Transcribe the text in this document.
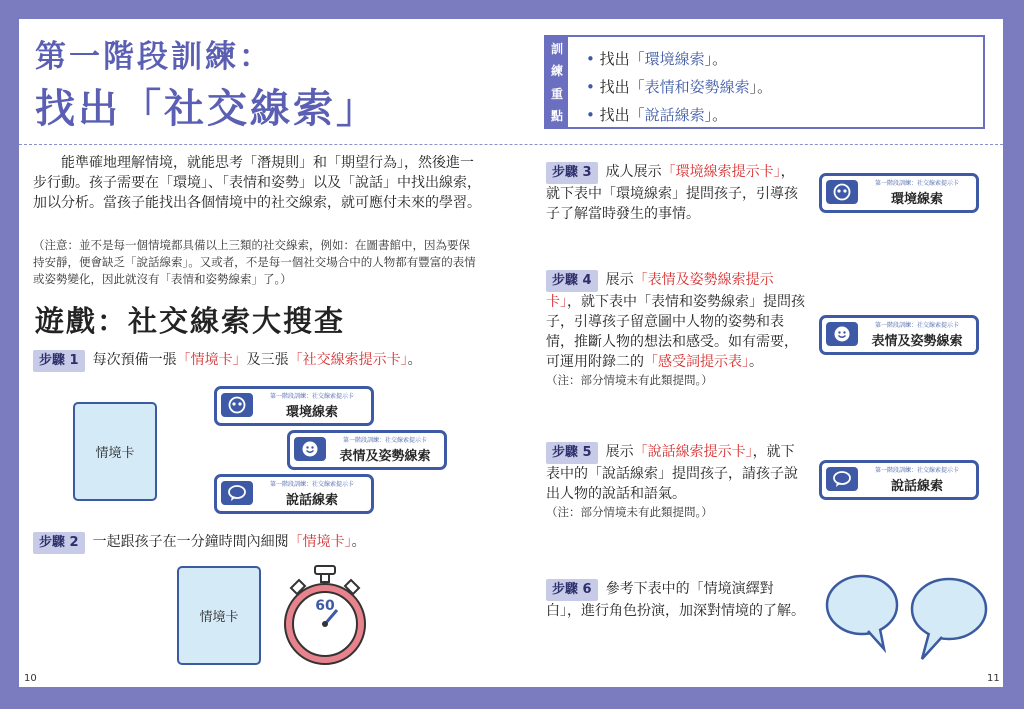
第一階段訓練：
找出「社交線索」
能準確地理解情境，就能思考「潛規則」和「期望行為」，然後進一步行動。孩子需要在「環境」、「表情和姿勢」以及「說話」中找出線索，加以分析。當孩子能找出各個情境中的社交線索，就可應付未來的學習。
（注意：並不是每一個情境都具備以上三類的社交線索，例如：在圖書館中，因為要保持安靜，便會缺乏「說話線索」。又或者，不是每一個社交場合中的人物都有豐富的表情或姿勢變化，因此就沒有「表情和姿勢線索」了。）
遊戲：社交線索大搜查
步驟 1 每次預備一張「情境卡」及三張「社交線索提示卡」。
情境卡
第一階段訓練：社交線索提示卡
環境線索
第一階段訓練：社交線索提示卡
表情及姿勢線索
第一階段訓練：社交線索提示卡
說話線索
步驟 2 一起跟孩子在一分鐘時間內細閱「情境卡」。
情境卡
60
10
訓
練
重
點
• 找出「環境線索」。
• 找出「表情和姿勢線索」。
• 找出「說話線索」。
步驟 3 成人展示「環境線索提示卡」，就下表中「環境線索」提問孩子，引導孩子了解當時發生的事情。
步驟 4 展示「表情及姿勢線索提示卡」，就下表中「表情和姿勢線索」提問孩子，引導孩子留意圖中人物的姿勢和表情，推斷人物的想法和感受。如有需要，可運用附錄二的「感受詞提示表」。
（注：部分情境未有此類提問。）
步驟 5 展示「說話線索提示卡」，就下表中的「說話線索」提問孩子，請孩子說出人物的說話和語氣。
（注：部分情境未有此類提問。）
步驟 6 參考下表中的「情境演繹對白」，進行角色扮演，加深對情境的了解。
第一階段訓練：社交線索提示卡
環境線索
第一階段訓練：社交線索提示卡
表情及姿勢線索
第一階段訓練：社交線索提示卡
說話線索
11
